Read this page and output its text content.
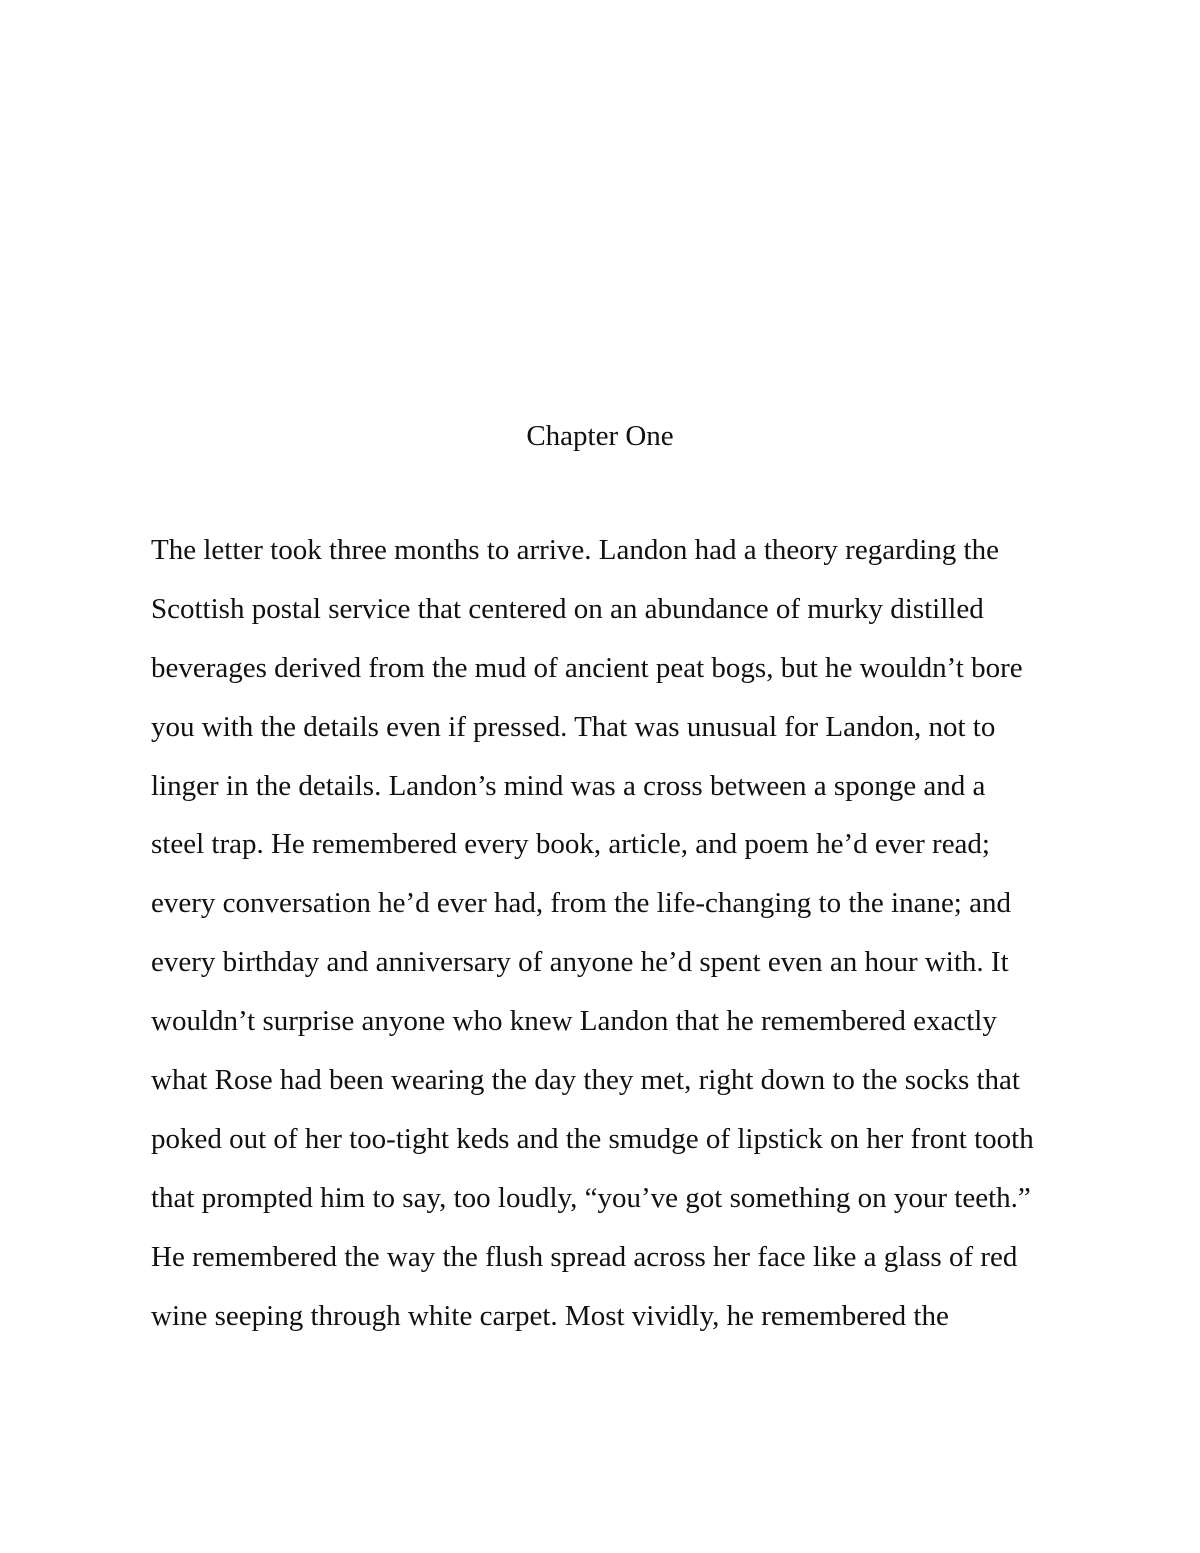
Chapter One
The letter took three months to arrive. Landon had a theory regarding the
Scottish postal service that centered on an abundance of murky distilled
beverages derived from the mud of ancient peat bogs, but he wouldn’t bore
you with the details even if pressed. That was unusual for Landon, not to
linger in the details. Landon’s mind was a cross between a sponge and a
steel trap. He remembered every book, article, and poem he’d ever read;
every conversation he’d ever had, from the life-changing to the inane; and
every birthday and anniversary of anyone he’d spent even an hour with. It
wouldn’t surprise anyone who knew Landon that he remembered exactly
what Rose had been wearing the day they met, right down to the socks that
poked out of her too-tight keds and the smudge of lipstick on her front tooth
that prompted him to say, too loudly, “you’ve got something on your teeth.”
He remembered the way the flush spread across her face like a glass of red
wine seeping through white carpet. Most vividly, he remembered the
